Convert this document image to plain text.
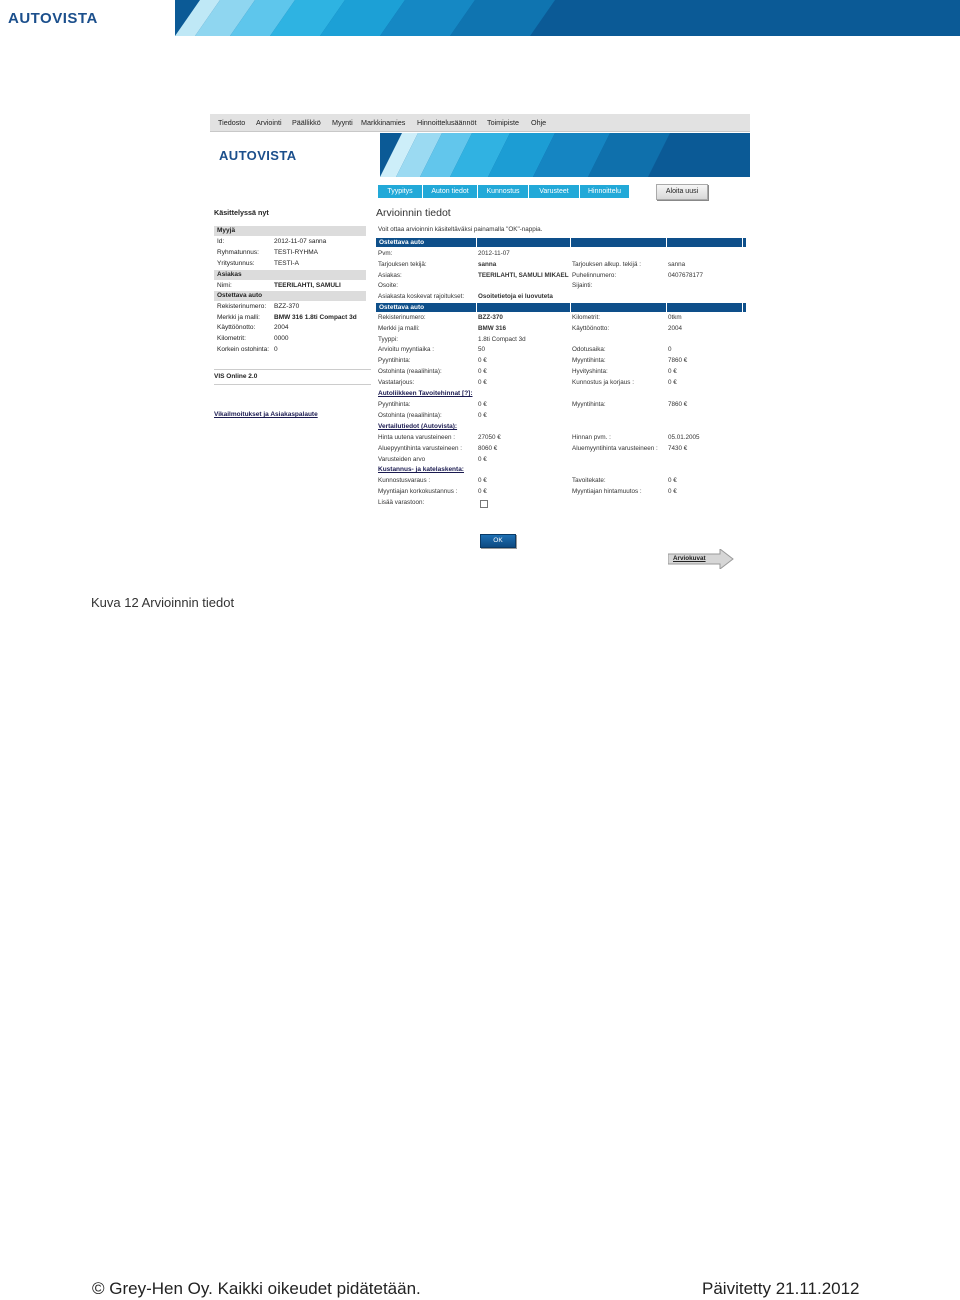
AUTOVISTA
Tiedosto Arviointi Päällikkö Myynti Markkinamies Hinnoittelusäännöt Toimipiste Ohje
AUTOVISTA
Tyypitys	Auton tiedot	Kunnostus	Varusteet	Hinnoittelu	Aloita uusi
Käsittelyssä nyt
Myyjä
Id:	2012-11-07 sanna
Ryhmatunnus: TESTI-RYHMA
Yritystunnus:	TESTI-A
Asiakas
Nimi:	TEERILAHTI, SAMULI
Ostettava auto
Rekisterinumero: BZZ-370
Merkki ja malli: BMW 316 1.8ti Compact 3d
Käyttöönotto:	2004
Kilometrit:	0000
Korkein ostohinta: 0
VIS Online 2.0
Vikailmoitukset ja Asiakaspalaute
Arvioinnin tiedot
Voit ottaa arvioinnin käsiteltäväksi painamalla "OK"-nappia.
Ostettava auto
Pvm:	2012-11-07
Tarjouksen tekijä:	sanna	Tarjouksen alkup. tekijä :	sanna
Asiakas:	TEERILAHTI, SAMULI MIKAEL Puhelinnumero:	0407678177
Osoite:	Sijainti:
Asiakasta koskevat rajoitukset: Osoitetietoja ei luovuteta
Ostettava auto
Rekisterinumero:	BZZ-370	Kilometrit:	0tkm
Merkki ja malli:	BMW 316	Käyttöönotto:	2004
Tyyppi:	1.8ti Compact 3d
Arvioitu myyntiaika :	50	Odotusaika:	0
Pyyntihinta:	0 €	Myyntihinta:	7860 €
Ostohinta (reaalihinta):	0 €	Hyvityshinta:	0 €
Vastatarjous:	0 €	Kunnostus ja korjaus :	0 €
Autoliikkeen Tavoitehinnat [?]:
Pyyntihinta:	0 €	Myyntihinta:	7860 €
Ostohinta (reaalihinta):	0 €
Vertailutiedot (Autovista):
Hinta uutena varusteineen :	27050 €	Hinnan pvm. :	05.01.2005
Aluepyyntihinta varusteineen :	8060 €	Aluemyyntihinta varusteineen : 7430 €
Varusteiden arvo	0 €
Kustannus- ja katelaskenta:
Kunnostusvaraus :	0 €	Tavoitekate:	0 €
Myyntiajan korkokustannus :	0 €	Myyntiajan hintamuutos :	0 €
Lisää varastoon:
OK
Arviokuvat
Kuva 12 Arvioinnin tiedot
© Grey-Hen Oy. Kaikki oikeudet pidätetään.	Päivitetty 21.11.2012
